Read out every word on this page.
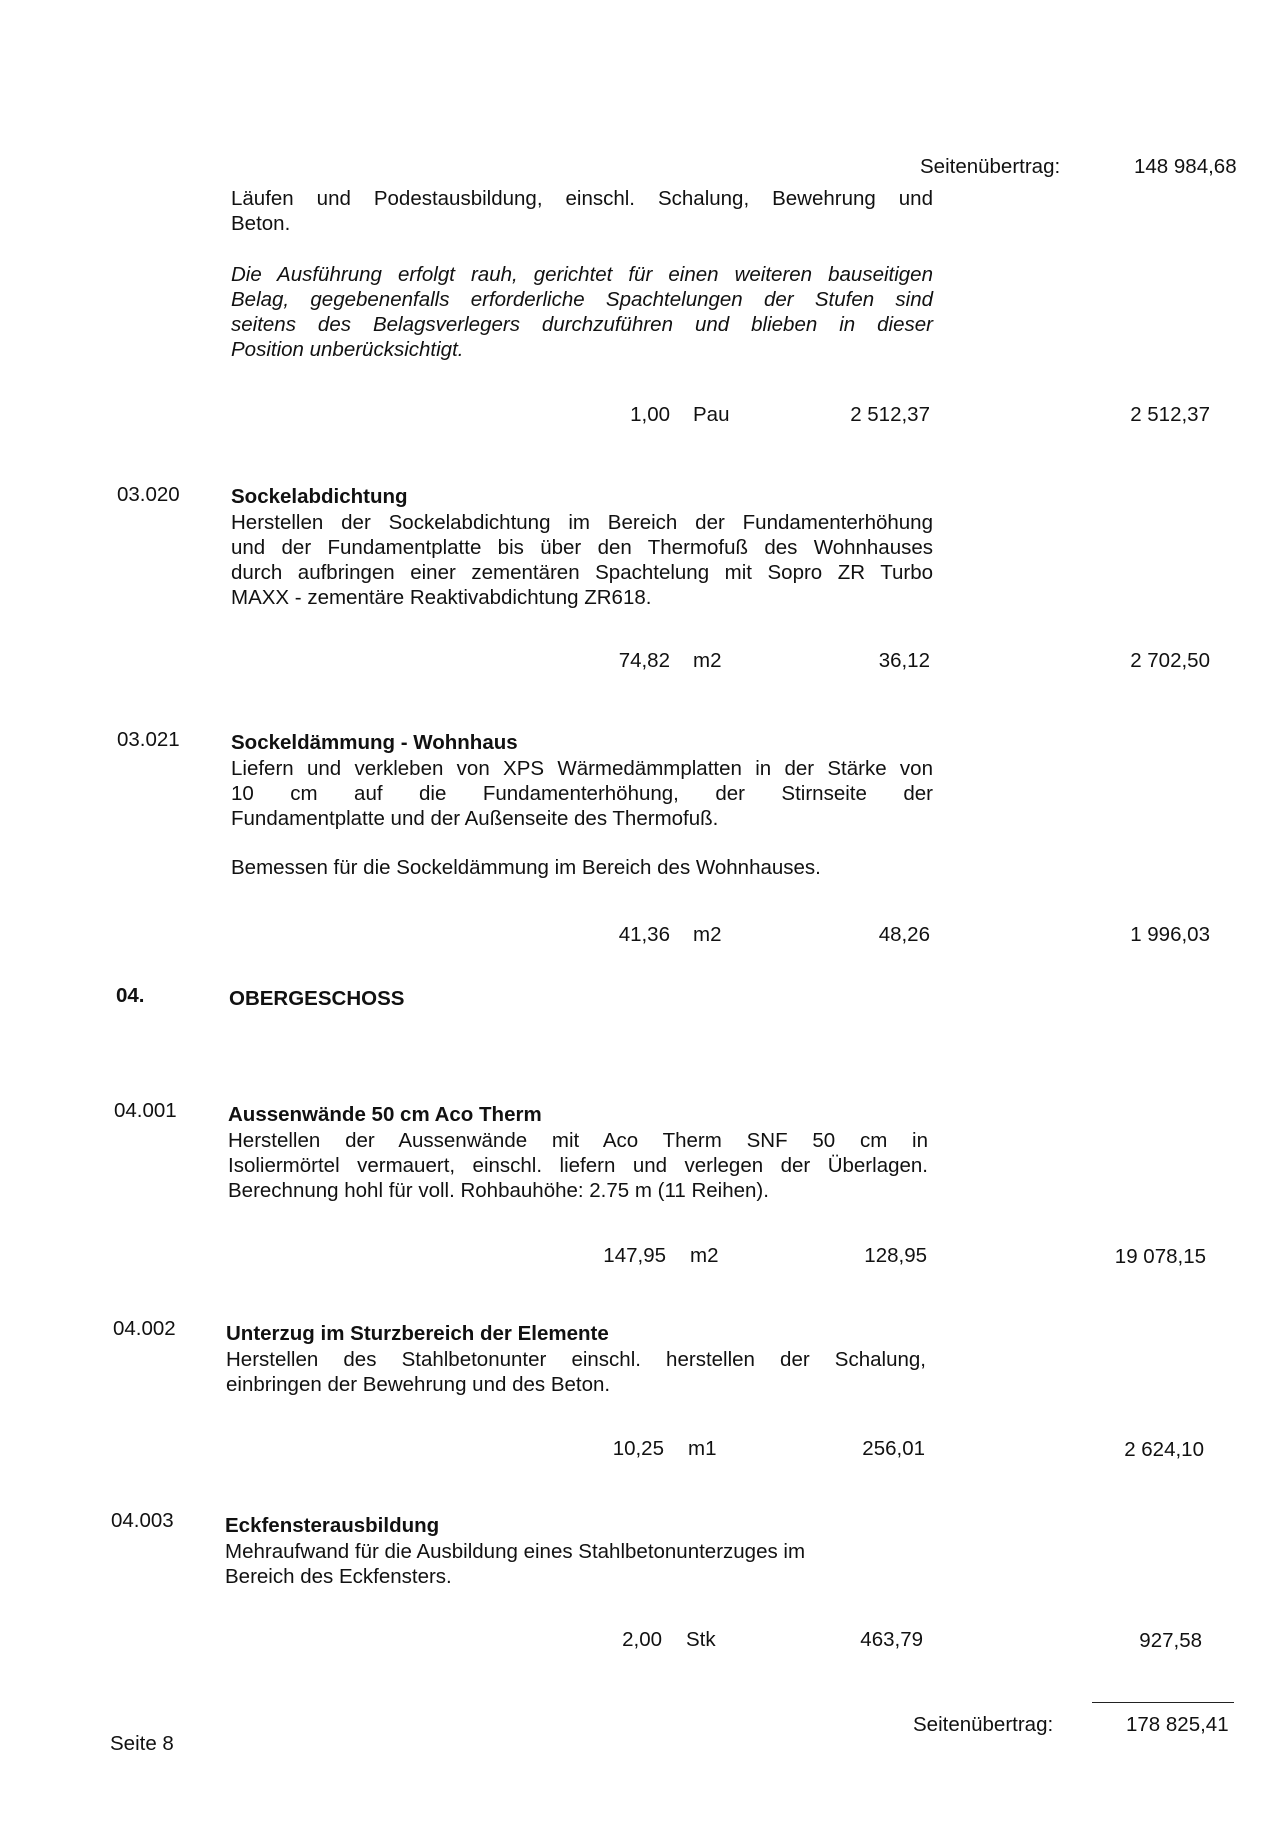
Seitenübertrag:	148 984,68

Läufen und Podestausbildung, einschl. Schalung, Bewehrung und
Beton.

Die Ausführung erfolgt rauh, gerichtet für einen weiteren bauseitigen
Belag, gegebenenfalls erforderliche Spachtelungen der Stufen sind
seitens des Belagsverlegers durchzuführen und blieben in dieser
Position unberücksichtigt.
1,00 Pau	2 512,37	2 512,37
03.020	Sockelabdichtung
Herstellen der Sockelabdichtung im Bereich der Fundamenterhöhung
und der Fundamentplatte bis über den Thermofuß des Wohnhauses
durch aufbringen einer zementären Spachtelung mit Sopro ZR Turbo
MAXX - zementäre Reaktivabdichtung ZR618.
74,82 m2	36,12	2 702,50
03.021	Sockeldämmung - Wohnhaus
Liefern und verkleben von XPS Wärmedämmplatten in der Stärke von
10 cm auf die Fundamenterhöhung, der Stirnseite der
Fundamentplatte und der Außenseite des Thermofuß.
Bemessen für die Sockeldämmung im Bereich des Wohnhauses.
41,36 m2	48,26	1 996,03
04.	OBERGESCHOSS
04.001	Aussenwände 50 cm Aco Therm
Herstellen der Aussenwände mit Aco Therm SNF 50 cm in
Isoliermörtel vermauert, einschl. liefern und verlegen der Überlagen.
Berechnung hohl für voll. Rohbauhöhe: 2.75 m (11 Reihen).
147,95 m2	128,95	19 078,15
04.002 Unterzug im Sturzbereich der Elemente
Herstellen des Stahlbetonunter einschl. herstellen der Schalung,
einbringen der Bewehrung und des Beton.
10,25 m1	256,01	2 624,10
04.003	Eckfensterausbildung
Mehraufwand für die Ausbildung eines Stahlbetonunterzuges im
Bereich des Eckfensters.
2,00 Stk	463,79	927,58
Seite 8
Seitenübertrag:	178 825,41
